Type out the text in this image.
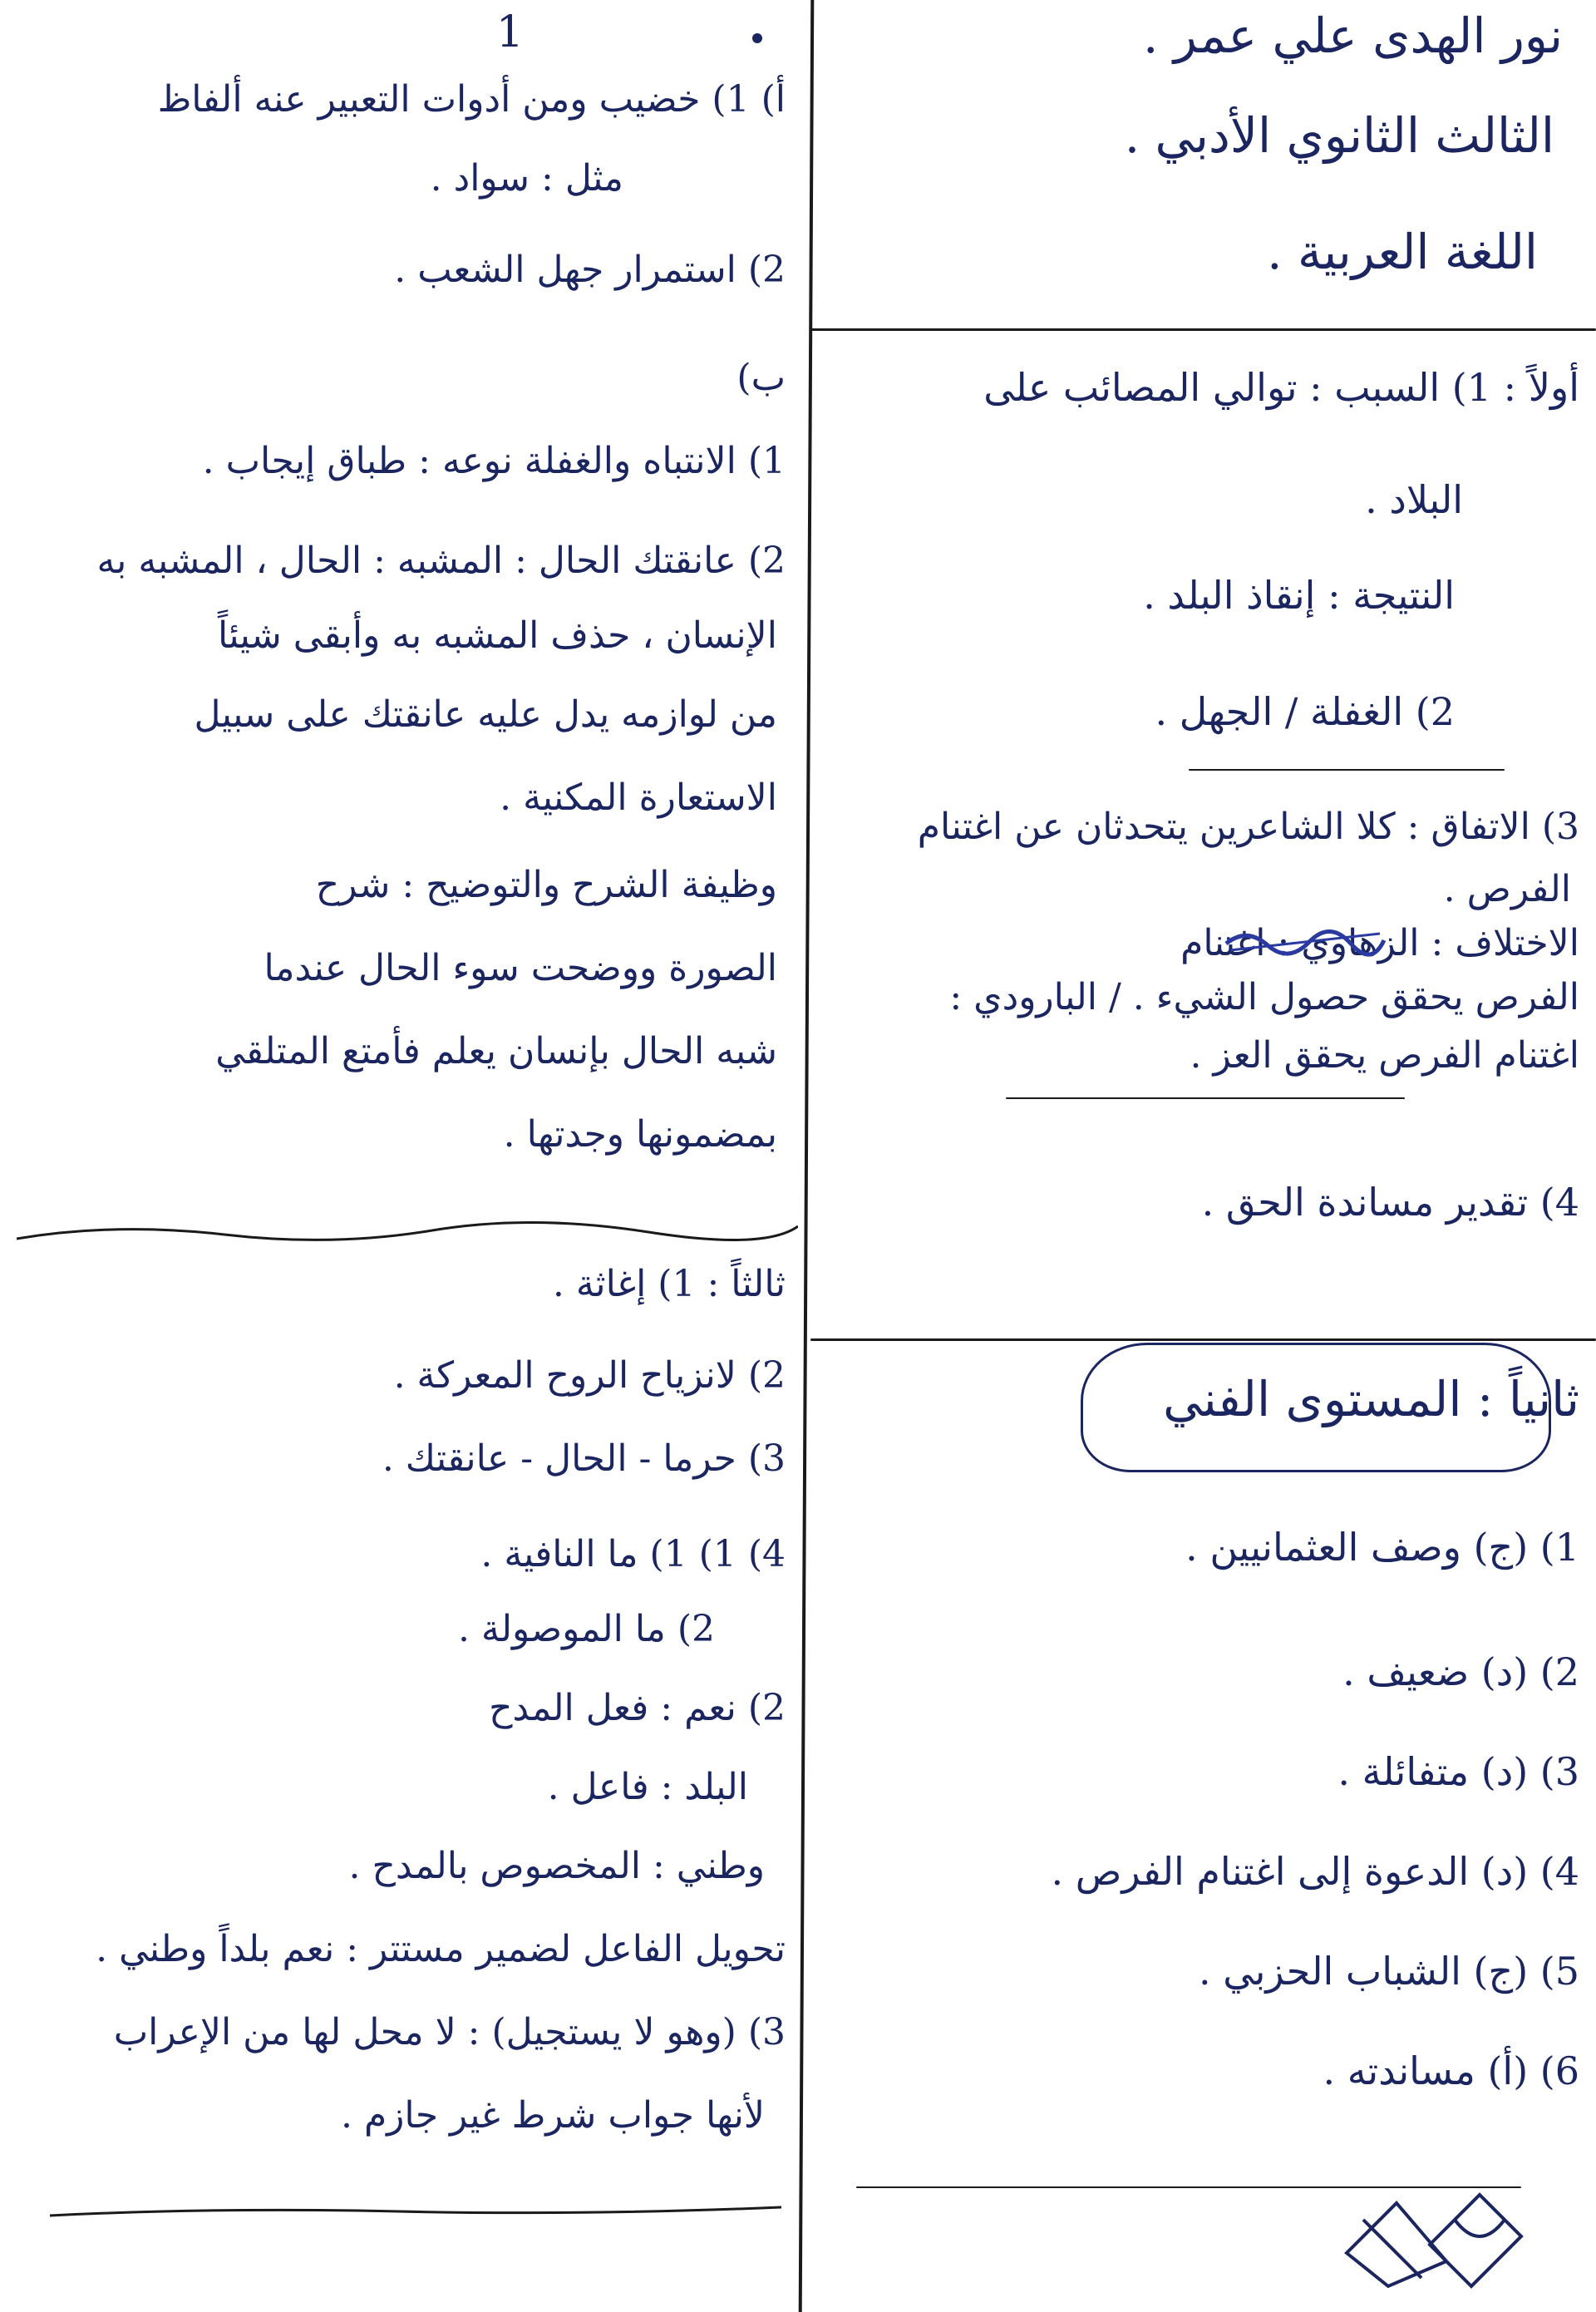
نور الهدى علي عمر .
الثالث الثانوي الأدبي .
اللغة العربية .
1
أولاً : 1) السبب : توالي المصائب على
البلاد .
النتيجة : إنقاذ البلد .
2) الغفلة / الجهل .
3) الاتفاق : كلا الشاعرين يتحدثان عن اغتنام
الفرص .
الاختلاف : الزهاوي : اغتنام
الفرص يحقق حصول الشيء . / البارودي :
اغتنام الفرص يحقق العز .
4) تقدير مساندة الحق .
ثانياً : المستوى الفني
1) (ج) وصف العثمانيين .
2) (د) ضعيف .
3) (د) متفائلة .
4) (د) الدعوة إلى اغتنام الفرص .
5) (ج) الشباب الحزبي .
6) (أ) مساندته .
أ) 1) خضيب ومن أدوات التعبير عنه ألفاظ
مثل : سواد .
2) استمرار جهل الشعب .
ب)
1) الانتباه والغفلة نوعه : طباق إيجاب .
2) عانقتك الحال : المشبه : الحال ، المشبه به
الإنسان ، حذف المشبه به وأبقى شيئاً
من لوازمه يدل عليه عانقتك على سبيل
الاستعارة المكنية .
وظيفة الشرح والتوضيح : شرح
الصورة ووضحت سوء الحال عندما
شبه الحال بإنسان يعلم فأمتع المتلقي
بمضمونها وجدتها .
ثالثاً : 1) إغاثة .
2) لانزياح الروح المعركة .
3) حرما - الحال - عانقتك .
4) 1) 1) ما النافية .
2) ما الموصولة .
2) نعم : فعل المدح
البلد : فاعل .
وطني : المخصوص بالمدح .
تحويل الفاعل لضمير مستتر : نعم بلداً وطني .
3) (وهو لا يستجيل) : لا محل لها من الإعراب
لأنها جواب شرط غير جازم .
